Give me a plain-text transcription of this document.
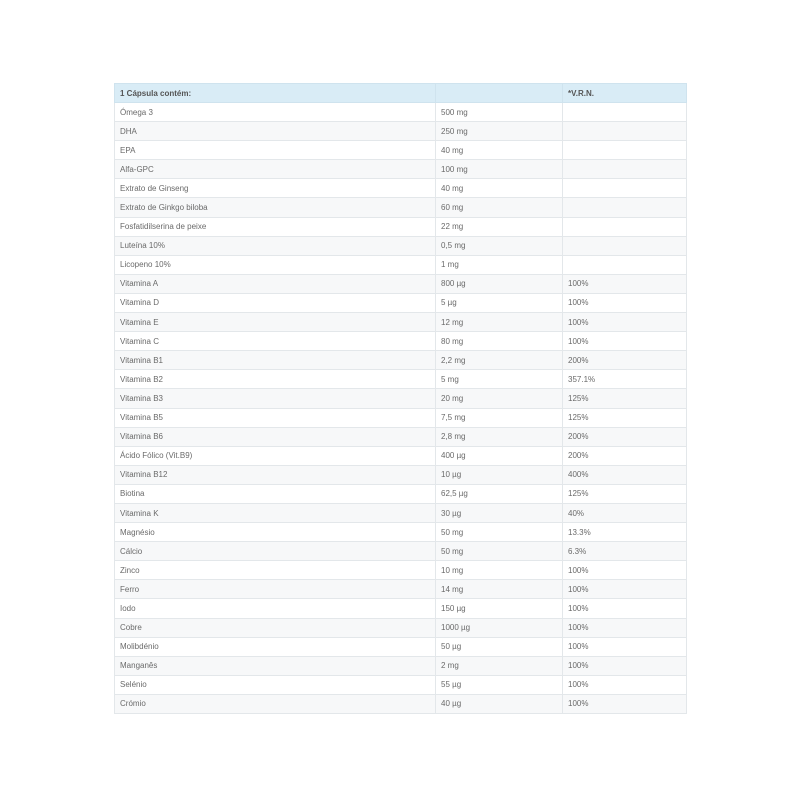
1 Cápsula contém:		*V.R.N.
Ómega 3	500 mg	
DHA	250 mg	
EPA	40 mg	
Alfa-GPC	100 mg	
Extrato de Ginseng	40 mg	
Extrato de Ginkgo biloba	60 mg	
Fosfatidilserina de peixe	22 mg	
Luteína 10%	0,5 mg	
Licopeno 10%	1 mg	
Vitamina A	800 µg	100%
Vitamina D	5 µg	100%
Vitamina E	12 mg	100%
Vitamina C	80 mg	100%
Vitamina B1	2,2 mg	200%
Vitamina B2	5 mg	357.1%
Vitamina B3	20 mg	125%
Vitamina B5	7,5 mg	125%
Vitamina B6	2,8 mg	200%
Ácido Fólico (Vit.B9)	400 µg	200%
Vitamina B12	10 µg	400%
Biotina	62,5 µg	125%
Vitamina K	30 µg	40%
Magnésio	50 mg	13.3%
Cálcio	50 mg	6.3%
Zinco	10 mg	100%
Ferro	14 mg	100%
Iodo	150 µg	100%
Cobre	1000 µg	100%
Molibdénio	50 µg	100%
Manganês	2 mg	100%
Selénio	55 µg	100%
Crómio	40 µg	100%
